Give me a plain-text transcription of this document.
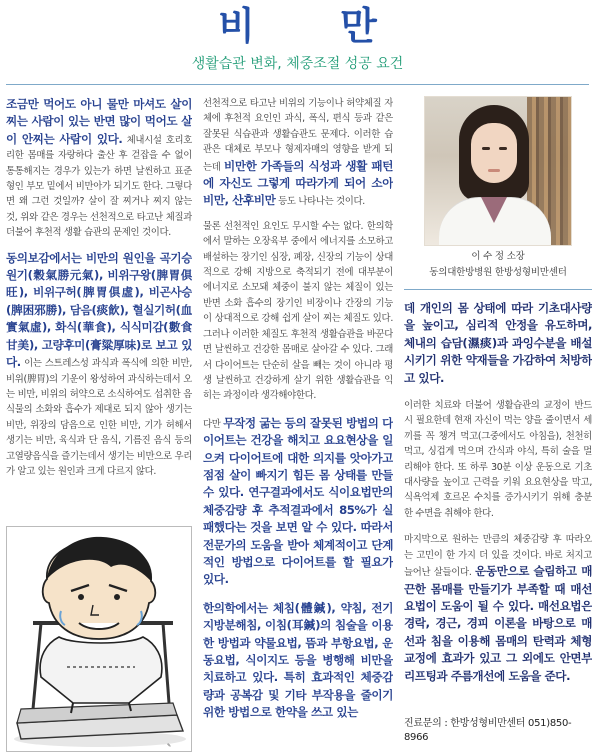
비 만
생활습관 변화, 체중조절 성공 요건

조금만 먹어도 아니 물만 마셔도 살이 찌는 사람이 있는 반면 많이 먹어도 살이 안찌는 사람이 있다. 체내시설 호리호리한 몸매를 자랑하다 출산 후 걷잡을 수 없이 통통해지는 경우가 있는가 하면 날씬하고 표준형인 부모 밑에서 비만아가 되기도 한다. 그렇다면 왜 그런 것일까? 살이 잘 찌거나 찌지 않는 것, 위와 같은 경우는 선천적으로 타고난 체질과 더불어 후천적 생활 습관의 문제인 것이다.

동의보감에서는 비만의 원인을 곡기승원기(穀氣勝元氣), 비위구왕(脾胃俱旺), 비위구허(脾胃俱虛), 비곤사승(脾困邪勝), 담음(痰飮), 혈실기허(血實氣虛), 화식(華食), 식식미감(數食甘美), 고량후미(膏粱厚味)로 보고 있다. 이는 스트레스성 과식과 폭식에 의한 비만, 비위(脾胃)의 기운이 왕성하여 과식하는데서 오는 비만, 비위의 허약으로 소식하여도 섭취한 음식물의 소화와 흡수가 제대로 되지 않아 생기는 비만, 위장의 담음으로 인한 비만, 기가 허해서 생기는 비만, 육식과 단 음식, 기름진 음식 등의 고열량음식을 즐기는데서 생기는 비만으로 우리가 알고 있는 원인과 크게 다르지 않다.

✎

선천적으로 타고난 비위의 기능이나 허약체질 자체에 후천적 요인인 과식, 폭식, 편식 등과 같은 잘못된 식습관과 생활습관도 문제다. 이러한 습관은 대체로 부모나 형제자매의 영향을 받게 되는데 비만한 가족들의 식성과 생활 패턴에 자신도 그렇게 따라가게 되어 소아비만, 산후비만 등도 나타나는 것이다.

물론 선천적인 요인도 무시할 수는 없다. 한의학에서 말하는 오장육부 중에서 에너지를 소모하고 배설하는 장기인 심장, 폐장, 신장의 기능이 상대적으로 강해 지방으로 축적되기 전에 대부분이 에너지로 소모돼 체중이 불지 않는 체질이 있는 반면 소화 흡수의 장기인 비장이나 간장의 기능이 상대적으로 강해 쉽게 살이 찌는 체질도 있다. 그러나 이러한 체질도 후천적 생활습관을 바꾼다면 날씬하고 건강한 몸매로 살아갈 수 있다. 그래서 다이어트는 단순히 살을 빼는 것이 아니라 평생 날씬하고 건강하게 살기 위한 생활습관을 익히는 과정이라 생각해야한다.

다만 무작정 굶는 등의 잘못된 방법의 다이어트는 건강을 해치고 요요현상을 일으켜 다이어트에 대한 의지를 앗아가고 점점 살이 빠지기 힘든 몸 상태를 만들 수 있다. 연구결과에서도 식이요법만의 체중감량 후 추적결과에서 85%가 실패했다는 것을 보면 알 수 있다. 따라서 전문가의 도움을 받아 체계적이고 단계적인 방법으로 다이어트를 할 필요가 있다.

한의학에서는 체침(體鍼), 약침, 전기지방분해침, 이침(耳鍼)의 침술을 이용한 방법과 약물요법, 뜸과 부항요법, 운동요법, 식이지도 등을 병행해 비만을 치료하고 있다. 특히 효과적인 체중감량과 공복감 및 기타 부작용을 줄이기 위한 방법으로 한약을 쓰고 있는

이 수 정 소장
동의대한방병원 한방성형비만센터

데 개인의 몸 상태에 따라 기초대사량을 높이고, 심리적 안정을 유도하며, 체내의 습담(濕痰)과 과잉수분을 배설시키기 위한 약재들을 가감하여 처방하고 있다.

이러한 치료와 더불어 생활습관의 교정이 반드시 필요한데 현재 자신이 먹는 양을 줄이면서 세끼를 꼭 챙겨 먹고(그중에서도 아침을), 천천히 먹고, 싱겁게 먹으며 간식과 야식, 특히 술을 멀리해야 한다. 또 하루 30분 이상 운동으로 기초대사량을 높이고 근력을 키워 요요현상을 막고, 식욕억제 호르몬 수치를 증가시키기 위해 충분한 수면을 취해야 한다.

마지막으로 원하는 만큼의 체중감량 후 따라오는 고민이 한 가지 더 있을 것이다. 바로 처지고 늘어난 살들이다. 운동만으로 슬림하고 매끈한 몸매를 만들기가 부족할 때 매선요법이 도움이 될 수 있다. 매선요법은 경락, 경근, 경피 이론을 바탕으로 매선과 침을 이용해 몸매의 탄력과 체형교정에 효과가 있고 그 외에도 안면부 리프팅과 주름개선에 도움을 준다.

진료문의 : 한방성형비만센터 051)850-8966
